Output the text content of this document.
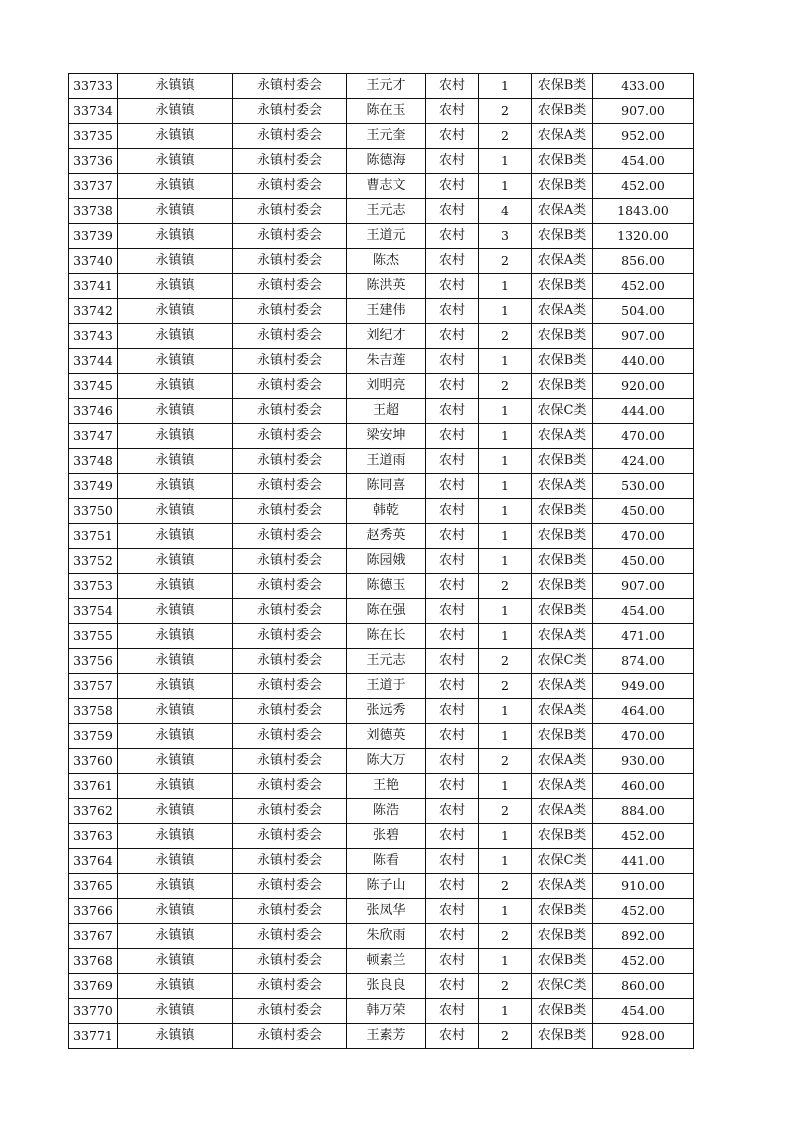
33733	永镇镇	永镇村委会	王元才	农村	1	农保B类	433.00
33734	永镇镇	永镇村委会	陈在玉	农村	2	农保B类	907.00
33735	永镇镇	永镇村委会	王元奎	农村	2	农保A类	952.00
33736	永镇镇	永镇村委会	陈德海	农村	1	农保B类	454.00
33737	永镇镇	永镇村委会	曹志文	农村	1	农保B类	452.00
33738	永镇镇	永镇村委会	王元志	农村	4	农保A类	1843.00
33739	永镇镇	永镇村委会	王道元	农村	3	农保B类	1320.00
33740	永镇镇	永镇村委会	陈杰	农村	2	农保A类	856.00
33741	永镇镇	永镇村委会	陈洪英	农村	1	农保B类	452.00
33742	永镇镇	永镇村委会	王建伟	农村	1	农保A类	504.00
33743	永镇镇	永镇村委会	刘纪才	农村	2	农保B类	907.00
33744	永镇镇	永镇村委会	朱吉莲	农村	1	农保B类	440.00
33745	永镇镇	永镇村委会	刘明亮	农村	2	农保B类	920.00
33746	永镇镇	永镇村委会	王超	农村	1	农保C类	444.00
33747	永镇镇	永镇村委会	梁安坤	农村	1	农保A类	470.00
33748	永镇镇	永镇村委会	王道雨	农村	1	农保B类	424.00
33749	永镇镇	永镇村委会	陈同喜	农村	1	农保A类	530.00
33750	永镇镇	永镇村委会	韩乾	农村	1	农保B类	450.00
33751	永镇镇	永镇村委会	赵秀英	农村	1	农保B类	470.00
33752	永镇镇	永镇村委会	陈园娥	农村	1	农保B类	450.00
33753	永镇镇	永镇村委会	陈德玉	农村	2	农保B类	907.00
33754	永镇镇	永镇村委会	陈在强	农村	1	农保B类	454.00
33755	永镇镇	永镇村委会	陈在长	农村	1	农保A类	471.00
33756	永镇镇	永镇村委会	王元志	农村	2	农保C类	874.00
33757	永镇镇	永镇村委会	王道于	农村	2	农保A类	949.00
33758	永镇镇	永镇村委会	张远秀	农村	1	农保A类	464.00
33759	永镇镇	永镇村委会	刘德英	农村	1	农保B类	470.00
33760	永镇镇	永镇村委会	陈大万	农村	2	农保A类	930.00
33761	永镇镇	永镇村委会	王艳	农村	1	农保A类	460.00
33762	永镇镇	永镇村委会	陈浩	农村	2	农保A类	884.00
33763	永镇镇	永镇村委会	张碧	农村	1	农保B类	452.00
33764	永镇镇	永镇村委会	陈看	农村	1	农保C类	441.00
33765	永镇镇	永镇村委会	陈子山	农村	2	农保A类	910.00
33766	永镇镇	永镇村委会	张凤华	农村	1	农保B类	452.00
33767	永镇镇	永镇村委会	朱欣雨	农村	2	农保B类	892.00
33768	永镇镇	永镇村委会	顿素兰	农村	1	农保B类	452.00
33769	永镇镇	永镇村委会	张良良	农村	2	农保C类	860.00
33770	永镇镇	永镇村委会	韩万荣	农村	1	农保B类	454.00
33771	永镇镇	永镇村委会	王素芳	农村	2	农保B类	928.00
